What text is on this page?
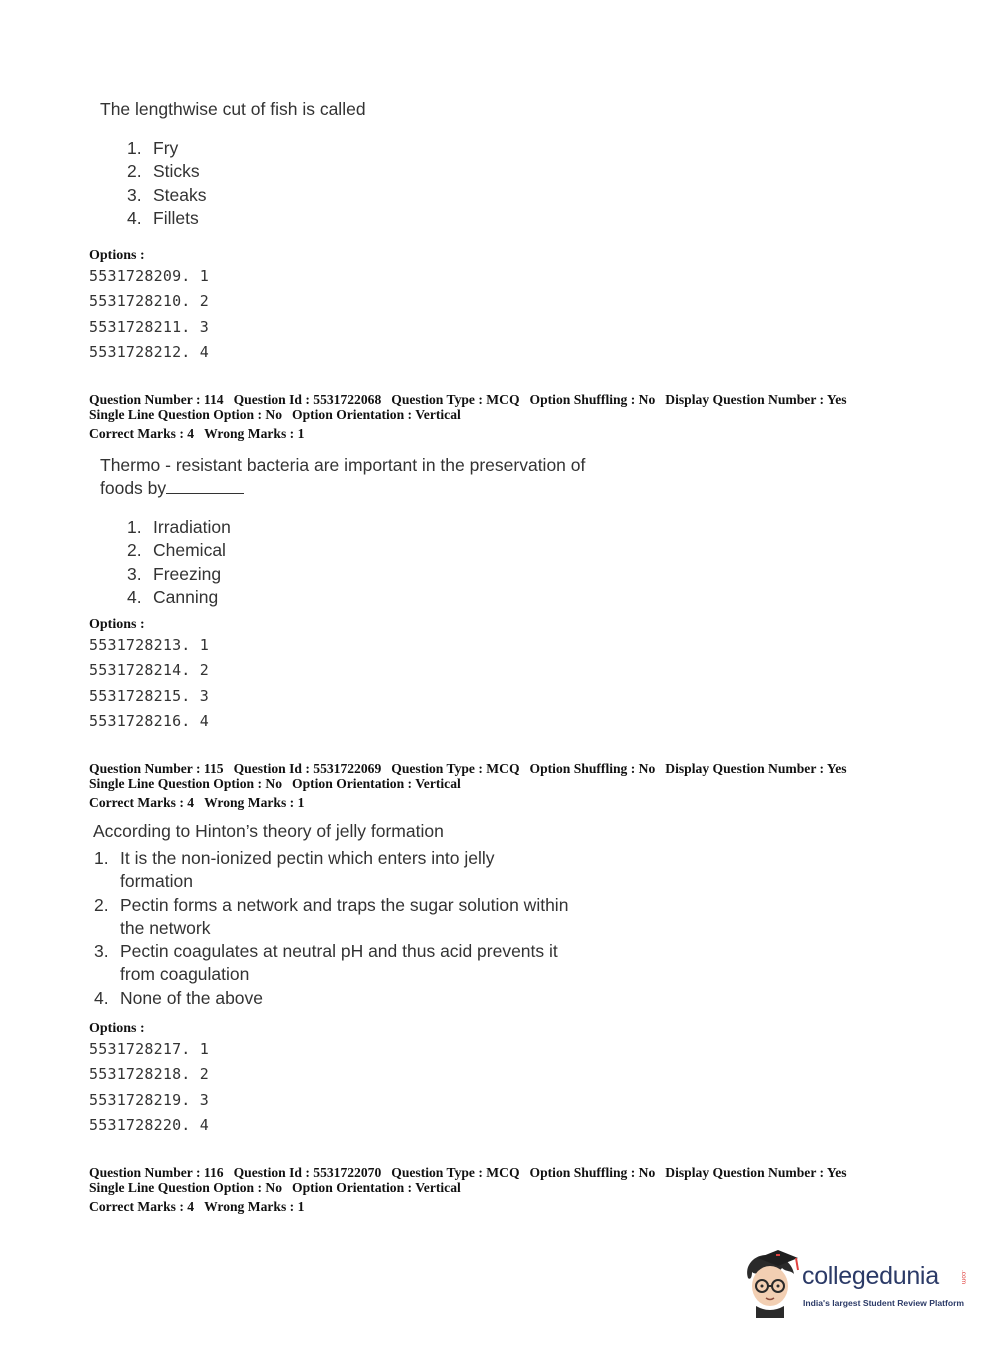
The lengthwise cut of fish is called
1. Fry
2. Sticks
3. Steaks
4. Fillets
Options :
5531728209. 1
5531728210. 2
5531728211. 3
5531728212. 4
Question Number : 114 Question Id : 5531722068 Question Type : MCQ Option Shuffling : No Display Question Number : Yes
Single Line Question Option : No Option Orientation : Vertical
Correct Marks : 4 Wrong Marks : 1
Thermo - resistant bacteria are important in the preservation of
foods by
1. Irradiation
2. Chemical
3. Freezing
4. Canning
Options :
5531728213. 1
5531728214. 2
5531728215. 3
5531728216. 4
Question Number : 115 Question Id : 5531722069 Question Type : MCQ Option Shuffling : No Display Question Number : Yes
Single Line Question Option : No Option Orientation : Vertical
Correct Marks : 4 Wrong Marks : 1
According to Hinton’s theory of jelly formation
1. It is the non-ionized pectin which enters into jelly
formation
2. Pectin forms a network and traps the sugar solution within
the network
3. Pectin coagulates at neutral pH and thus acid prevents it
from coagulation
4. None of the above
Options :
5531728217. 1
5531728218. 2
5531728219. 3
5531728220. 4
Question Number : 116 Question Id : 5531722070 Question Type : MCQ Option Shuffling : No Display Question Number : Yes
Single Line Question Option : No Option Orientation : Vertical
Correct Marks : 4 Wrong Marks : 1
collegedunia	.com
India's largest Student Review Platform
